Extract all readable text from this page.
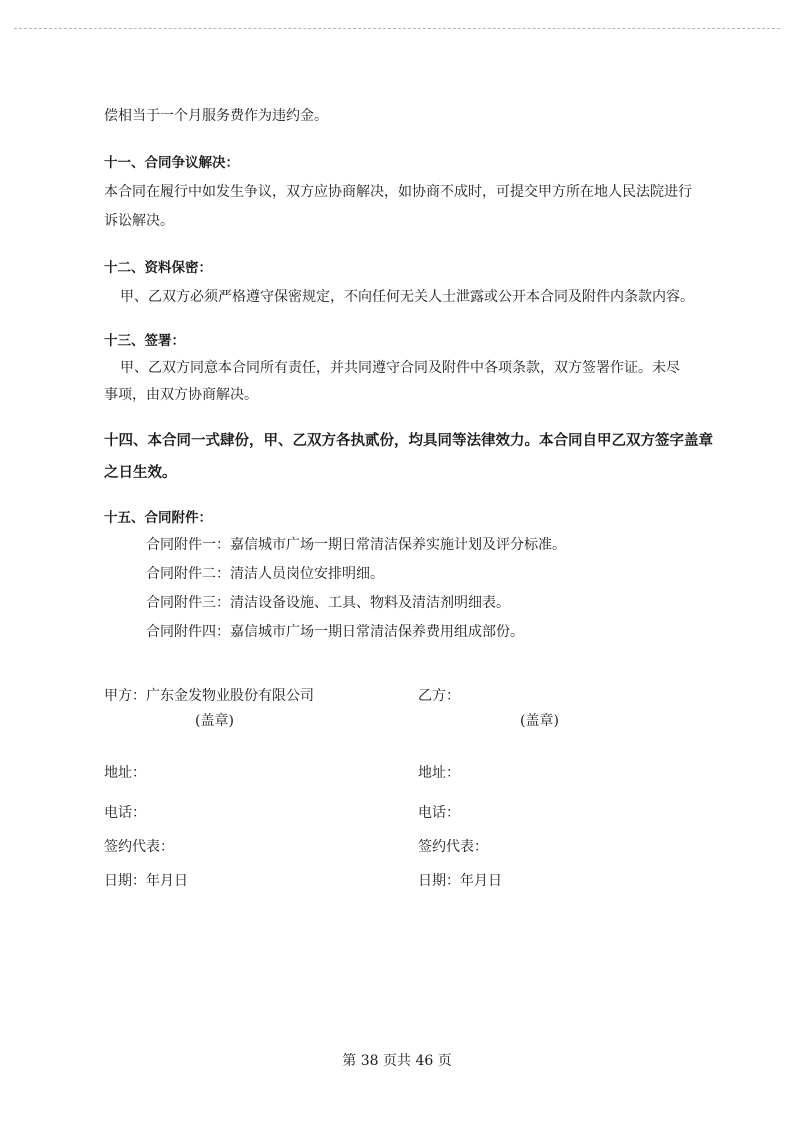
偿相当于一个月服务费作为违约金。
十一、合同争议解决：
本合同在履行中如发生争议，双方应协商解决，如协商不成时，可提交甲方所在地人民法院进行
诉讼解决。
十二、资料保密：
甲、乙双方必须严格遵守保密规定，不向任何无关人士泄露或公开本合同及附件内条款内容。
十三、签署：
甲、乙双方同意本合同所有责任，并共同遵守合同及附件中各项条款，双方签署作证。未尽
事项，由双方协商解决。
十四、本合同一式肆份，甲、乙双方各执贰份，均具同等法律效力。本合同自甲乙双方签字盖章
之日生效。
十五、合同附件：
合同附件一：嘉信城市广场一期日常清洁保养实施计划及评分标准。
合同附件二：清洁人员岗位安排明细。
合同附件三：清洁设备设施、工具、物料及清洁剂明细表。
合同附件四：嘉信城市广场一期日常清洁保养费用组成部份。
甲方：广东金发物业股份有限公司
(盖章)
地址：
电话：
签约代表：
日期：年月日
乙方：
(盖章)
地址：
电话：
签约代表：
日期：年月日
第 38 页共 46 页
